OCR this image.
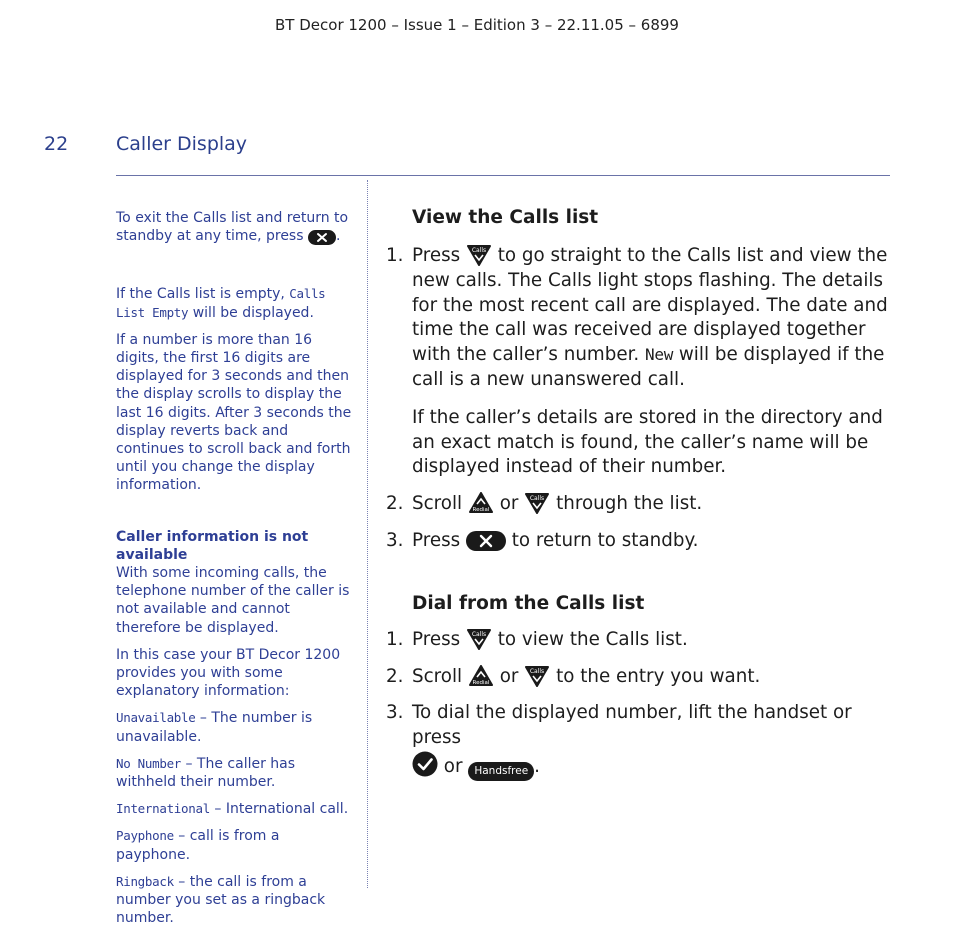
BT Decor 1200 – Issue 1 – Edition 3 – 22.11.05 – 6899
22	Caller Display

To exit the Calls list and return to standby at any time, press .

If the Calls list is empty, Calls List Empty will be displayed.

If a number is more than 16 digits, the first 16 digits are displayed for 3 seconds and then the display scrolls to display the last 16 digits. After 3 seconds the display reverts back and continues to scroll back and forth until you change the display information.

Caller information is not available

With some incoming calls, the telephone number of the caller is not available and cannot therefore be displayed.

In this case your BT Decor 1200 provides you with some explanatory information:

Unavailable – The number is unavailable.

No Number – The caller has withheld their number.

International – International call.

Payphone – call is from a payphone.

Ringback – the call is from a number you set as a ringback number.

View the Calls list
1. Press Calls to go straight to the Calls list and view the new calls. The Calls light stops flashing. The details for the most recent call are displayed. The date and time the call was received are displayed together with the caller’s number. New will be displayed if the call is a new unanswered call.

If the caller’s details are stored in the directory and an exact match is found, the caller’s name will be displayed instead of their number.

2. Scroll Redial or Calls through the list.

3. Press	to return to standby.

Dial from the Calls list
1. Press Calls to view the Calls list.

2. Scroll Redial or Calls to the entry you want.

3. To dial the displayed number, lift the handset or press

or Handsfree .
